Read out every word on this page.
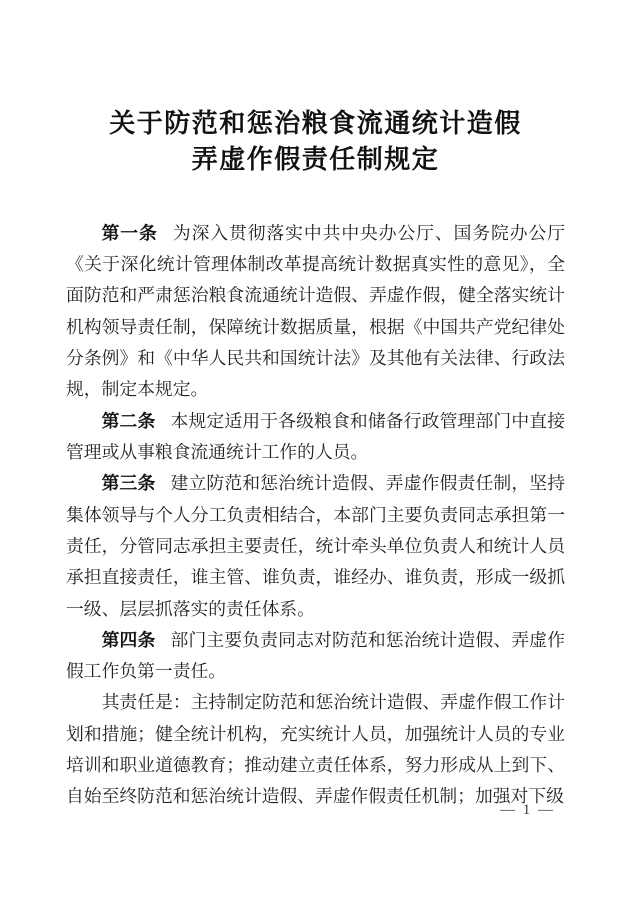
关于防范和惩治粮食流通统计造假
弄虚作假责任制规定

第一条 为深入贯彻落实中共中央办公厅、国务院办公厅《关于深化统计管理体制改革提高统计数据真实性的意见》，全面防范和严肃惩治粮食流通统计造假、弄虚作假，健全落实统计机构领导责任制，保障统计数据质量，根据《中国共产党纪律处分条例》和《中华人民共和国统计法》及其他有关法律、行政法规，制定本规定。

第二条 本规定适用于各级粮食和储备行政管理部门中直接管理或从事粮食流通统计工作的人员。

第三条 建立防范和惩治统计造假、弄虚作假责任制，坚持集体领导与个人分工负责相结合，本部门主要负责同志承担第一责任，分管同志承担主要责任，统计牵头单位负责人和统计人员承担直接责任，谁主管、谁负责，谁经办、谁负责，形成一级抓一级、层层抓落实的责任体系。

第四条 部门主要负责同志对防范和惩治统计造假、弄虚作假工作负第一责任。

其责任是：主持制定防范和惩治统计造假、弄虚作假工作计划和措施；健全统计机构，充实统计人员，加强统计人员的专业培训和职业道德教育；推动建立责任体系，努力形成从上到下、自始至终防范和惩治统计造假、弄虚作假责任机制；加强对下级

— 1 —
